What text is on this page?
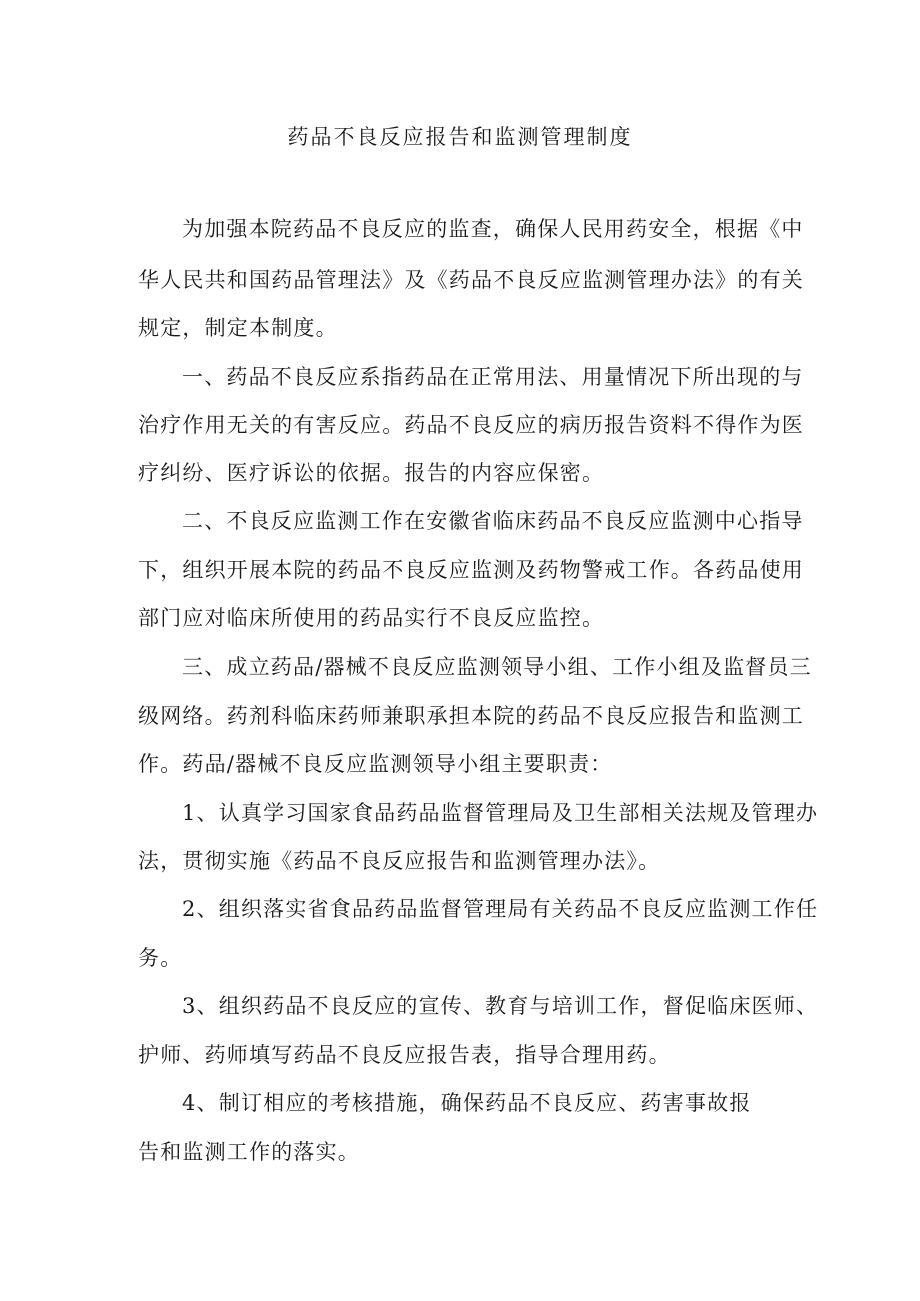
药品不良反应报告和监测管理制度
为加强本院药品不良反应的监查，确保人民用药安全，根据《中
华人民共和国药品管理法》及《药品不良反应监测管理办法》的有关
规定，制定本制度。
一、药品不良反应系指药品在正常用法、用量情况下所出现的与
治疗作用无关的有害反应。药品不良反应的病历报告资料不得作为医
疗纠纷、医疗诉讼的依据。报告的内容应保密。
二、不良反应监测工作在安徽省临床药品不良反应监测中心指导
下，组织开展本院的药品不良反应监测及药物警戒工作。各药品使用
部门应对临床所使用的药品实行不良反应监控。
三、成立药品/器械不良反应监测领导小组、工作小组及监督员三
级网络。药剂科临床药师兼职承担本院的药品不良反应报告和监测工
作。药品/器械不良反应监测领导小组主要职责：
1、认真学习国家食品药品监督管理局及卫生部相关法规及管理办
法，贯彻实施《药品不良反应报告和监测管理办法》。
2、组织落实省食品药品监督管理局有关药品不良反应监测工作任
务。
3、组织药品不良反应的宣传、教育与培训工作，督促临床医师、
护师、药师填写药品不良反应报告表，指导合理用药。
4、制订相应的考核措施，确保药品不良反应、药害事故报
告和监测工作的落实。
